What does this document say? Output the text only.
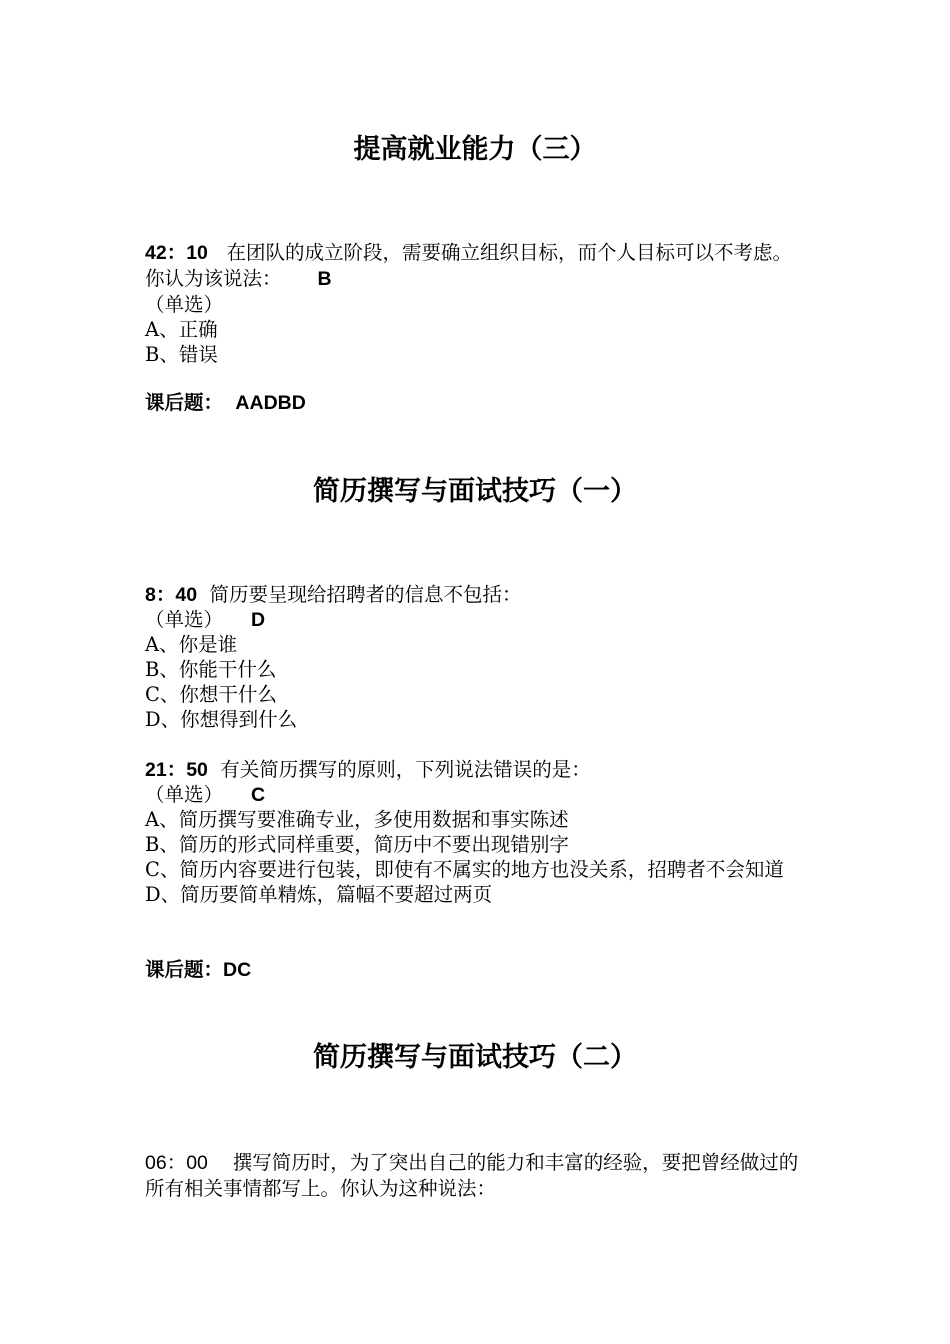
提高就业能力（三）
42：10 在团队的成立阶段，需要确立组织目标，而个人目标可以不考虑。你认为该说法： B
（单选）
A、正确
B、错误
课后题： AADBD
简历撰写与面试技巧（一）
8：40 简历要呈现给招聘者的信息不包括：
（单选） D
A、你是谁
B、你能干什么
C、你想干什么
D、你想得到什么
21：50 有关简历撰写的原则，下列说法错误的是：
（单选） C
A、简历撰写要准确专业，多使用数据和事实陈述
B、简历的形式同样重要，简历中不要出现错别字
C、简历内容要进行包装，即使有不属实的地方也没关系，招聘者不会知道
D、简历要简单精炼，篇幅不要超过两页
课后题：DC
简历撰写与面试技巧（二）
06：00 撰写简历时，为了突出自己的能力和丰富的经验，要把曾经做过的所有相关事情都写上。你认为这种说法：
